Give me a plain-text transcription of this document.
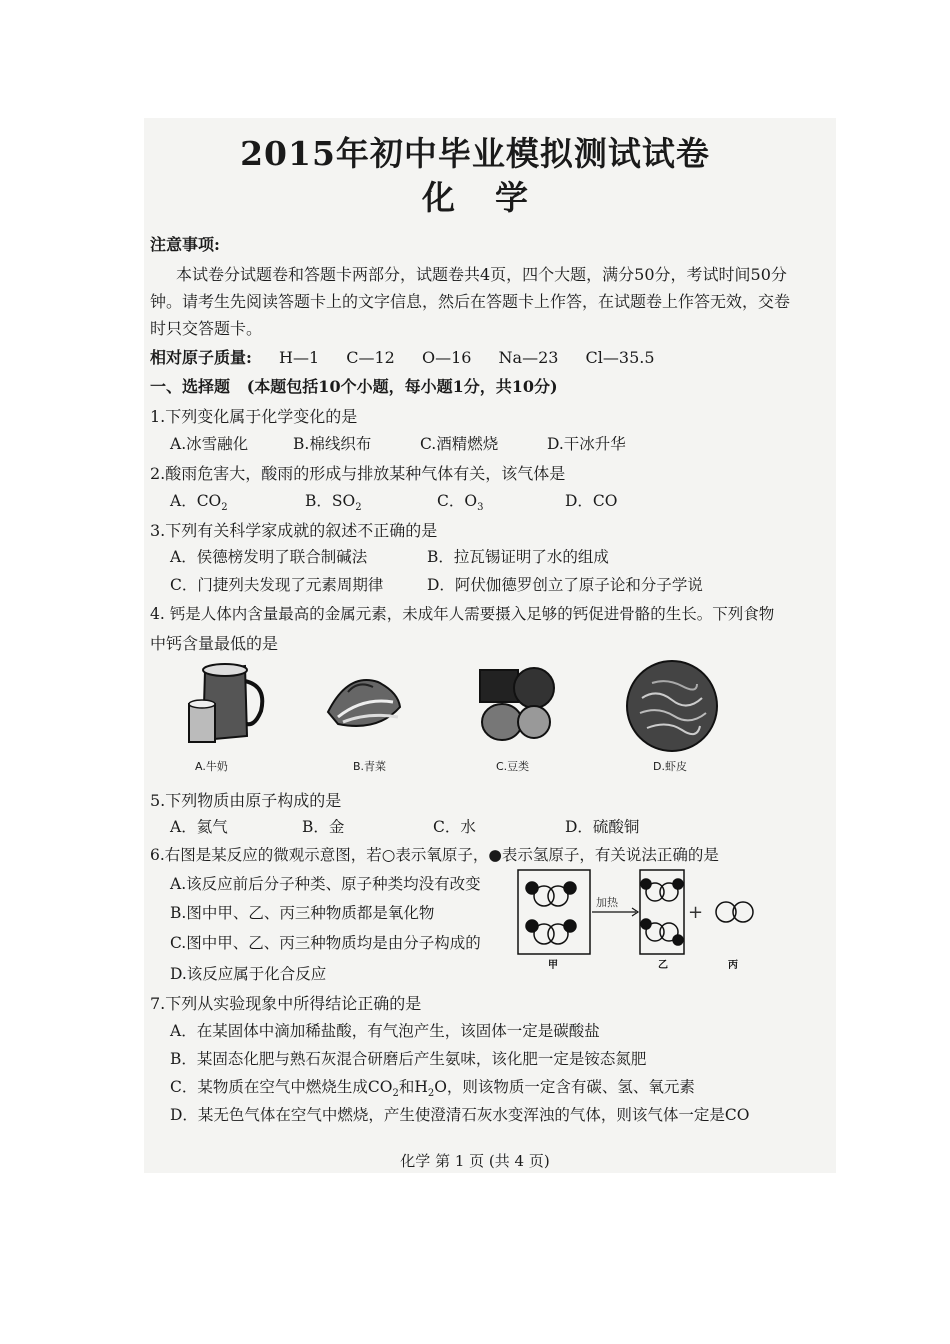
2015年初中毕业模拟测试试卷
化学
注意事项:
本试卷分试题卷和答题卡两部分，试题卷共4页，四个大题，满分50分，考试时间50分
钟。请考生先阅读答题卡上的文字信息，然后在答题卡上作答，在试题卷上作答无效，交卷
时只交答题卡。
相对原子质量: H—1 C—12 O—16 Na—23 Cl—35.5
一、选择题 (本题包括10个小题，每小题1分，共10分)
1.下列变化属于化学变化的是
A.冰雪融化	B.棉线织布	C.酒精燃烧	D.干冰升华
2.酸雨危害大，酸雨的形成与排放某种气体有关，该气体是
A．$CO_2$	B．$SO_2$	C．$O_3$	D．CO
3.下列有关科学家成就的叙述不正确的是
A．侯德榜发明了联合制碱法	B．拉瓦锡证明了水的组成
C．门捷列夫发现了元素周期律	D．阿伏伽德罗创立了原子论和分子学说
4. 钙是人体内含量最高的金属元素，未成年人需要摄入足够的钙促进骨骼的生长。下列食物
中钙含量最低的是
A.牛奶	B.青菜	C.豆类	D.虾皮
5.下列物质由原子构成的是
A．氦气	B．金	C．水	D．硫酸铜
6.右图是某反应的微观示意图，若○表示氧原子，●表示氢原子，有关说法正确的是
A.该反应前后分子种类、原子种类均没有改变
B.图中甲、乙、丙三种物质都是氧化物
C.图中甲、乙、丙三种物质均是由分子构成的
D.该反应属于化合反应
加热	+
甲	乙	丙
7.下列从实验现象中所得结论正确的是
A．在某固体中滴加稀盐酸，有气泡产生，该固体一定是碳酸盐
B．某固态化肥与熟石灰混合研磨后产生氨味，该化肥一定是铵态氮肥
C．某物质在空气中燃烧生成$CO_2$和$H_2O$，则该物质一定含有碳、氢、氧元素
D．某无色气体在空气中燃烧，产生使澄清石灰水变浑浊的气体，则该气体一定是CO
化学 第 1 页 (共 4 页)
